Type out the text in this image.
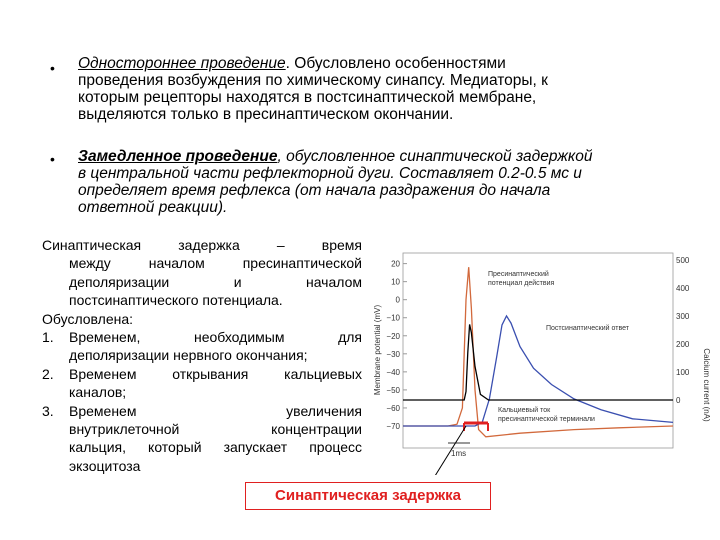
• Одностороннее проведение. Обусловлено особенностями
проведения возбуждения по химическому синапсу. Медиаторы, к
которым рецепторы находятся в постсинаптической мембране,
выделяются только в пресинаптическом окончании.
• Замедленное проведение, обусловленное синаптической задержкой
в центральной части рефлекторной дуги. Составляет 0.2-0.5 мс и
определяет время рефлекса (от начала раздражения до начала
ответной реакции).
Синаптическая задержка – время
между началом пресинаптической
деполяризации и началом
постсинаптического потенциала.
Обусловлена:
1.	Временем, необходимым для
деполяризации нервного окончания;
2.	Временем открывания кальциевых
каналов;
3.	Временем увеличения
внутриклеточной концентрации
кальция, который запускает процесс
экзоцитоза
Membrane potential (mV)	Calcium current (nA)
20
10
0
−10
−20
−30
−40
−50
−60
−70
500
400
300
200
100
0
Пресинаптический
потенциал действия
Постсинаптический ответ
Кальциевый ток
пресинаптической терминали
1ms
Синаптическая задержка
